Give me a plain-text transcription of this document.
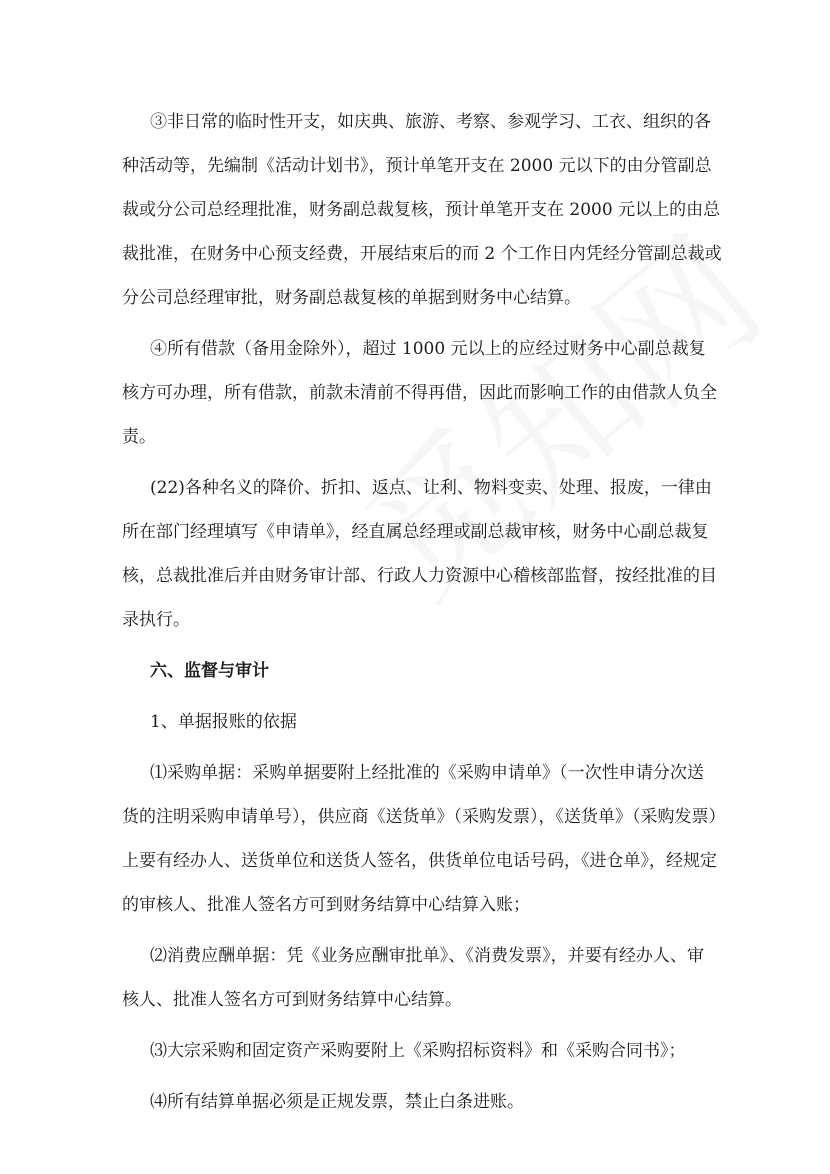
③非日常的临时性开支，如庆典、旅游、考察、参观学习、工衣、组织的各
种活动等，先编制《活动计划书》，预计单笔开支在 2000 元以下的由分管副总
裁或分公司总经理批准，财务副总裁复核，预计单笔开支在 2000 元以上的由总
裁批准，在财务中心预支经费，开展结束后的而 2 个工作日内凭经分管副总裁或
分公司总经理审批，财务副总裁复核的单据到财务中心结算。
④所有借款（备用金除外），超过 1000 元以上的应经过财务中心副总裁复
核方可办理，所有借款，前款未清前不得再借，因此而影响工作的由借款人负全
责。
(22)各种名义的降价、折扣、返点、让利、物料变卖、处理、报废，一律由
所在部门经理填写《申请单》，经直属总经理或副总裁审核，财务中心副总裁复
核，总裁批准后并由财务审计部、行政人力资源中心稽核部监督，按经批准的目
录执行。
六、监督与审计
1、单据报账的依据
⑴采购单据：采购单据要附上经批准的《采购申请单》（一次性申请分次送
货的注明采购申请单号），供应商《送货单》（采购发票），《送货单》（采购发票）
上要有经办人、送货单位和送货人签名，供货单位电话号码，《进仓单》，经规定
的审核人、批准人签名方可到财务结算中心结算入账；
⑵消费应酬单据：凭《业务应酬审批单》、《消费发票》，并要有经办人、审
核人、批准人签名方可到财务结算中心结算。
⑶大宗采购和固定资产采购要附上《采购招标资料》和《采购合同书》；
⑷所有结算单据必须是正规发票，禁止白条进账。
